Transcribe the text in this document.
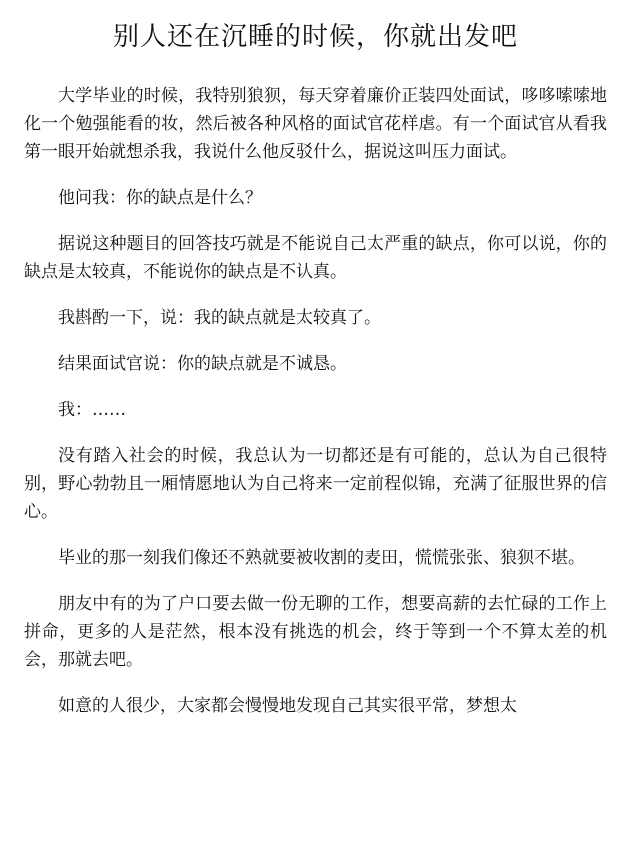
别人还在沉睡的时候，你就出发吧

大学毕业的时候，我特别狼狈，每天穿着廉价正装四处面试，哆哆嗦嗦地化一个勉强能看的妆，然后被各种风格的面试官花样虐。有一个面试官从看我第一眼开始就想杀我，我说什么他反驳什么，据说这叫压力面试。

他问我：你的缺点是什么？

据说这种题目的回答技巧就是不能说自己太严重的缺点，你可以说，你的缺点是太较真，不能说你的缺点是不认真。

我斟酌一下，说：我的缺点就是太较真了。

结果面试官说：你的缺点就是不诚恳。

我：……

没有踏入社会的时候，我总认为一切都还是有可能的，总认为自己很特别，野心勃勃且一厢情愿地认为自己将来一定前程似锦，充满了征服世界的信心。

毕业的那一刻我们像还不熟就要被收割的麦田，慌慌张张、狼狈不堪。

朋友中有的为了户口要去做一份无聊的工作，想要高薪的去忙碌的工作上拼命，更多的人是茫然，根本没有挑选的机会，终于等到一个不算太差的机会，那就去吧。

如意的人很少，大家都会慢慢地发现自己其实很平常，梦想太
